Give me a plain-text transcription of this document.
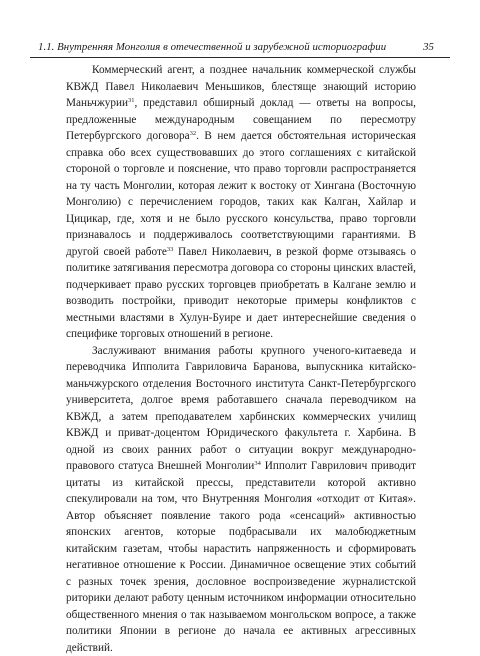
1.1. Внутренняя Монголия в отечественной и зарубежной историографии	35

Коммерческий агент, а позднее начальник коммерческой службы КВЖД Павел Николаевич Меньшиков, блестяще знающий историю Маньчжурии$^{31}$, представил обширный доклад — ответы на вопросы, предложенные международным совещанием по пересмотру Петербургского договора$^{32}$. В нем дается обстоятельная историческая справка обо всех существовавших до этого соглашениях с китайской стороной о торговле и пояснение, что право торговли распространяется на ту часть Монголии, которая лежит к востоку от Хингана (Восточную Монголию) с перечислением городов, таких как Калган, Хайлар и Цицикар, где, хотя и не было русского консульства, право торговли признавалось и поддерживалось соответствующими гарантиями. В другой своей работе$^{33}$ Павел Николаевич, в резкой форме отзываясь о политике затягивания пересмотра договора со стороны цинских властей, подчеркивает право русских торговцев приобретать в Калгане землю и возводить постройки, приводит некоторые примеры конфликтов с местными властями в Хулун-Буире и дает интереснейшие сведения о специфике торговых отношений в регионе.

Заслуживают внимания работы крупного ученого-китаеведа и переводчика Ипполита Гавриловича Баранова, выпускника китайско-маньчжурского отделения Восточного института Санкт-Петербургского университета, долгое время работавшего сначала переводчиком на КВЖД, а затем преподавателем харбинских коммерческих училищ КВЖД и приват-доцентом Юридического факультета г. Харбина. В одной из своих ранних работ о ситуации вокруг международно-правового статуса Внешней Монголии$^{34}$ Ипполит Гаврилович приводит цитаты из китайской прессы, представители которой активно спекулировали на том, что Внутренняя Монголия «отходит от Китая». Автор объясняет появление такого рода «сенсаций» активностью японских агентов, которые подбрасывали их малобюджетным китайским газетам, чтобы нарастить напряженность и сформировать негативное отношение к России. Динамичное освещение этих событий с разных точек зрения, дословное воспроизведение журналистской риторики делают работу ценным источником информации относительно общественного мнения о так называемом монгольском вопросе, а также политики Японии в регионе до начала ее активных агрессивных действий.
